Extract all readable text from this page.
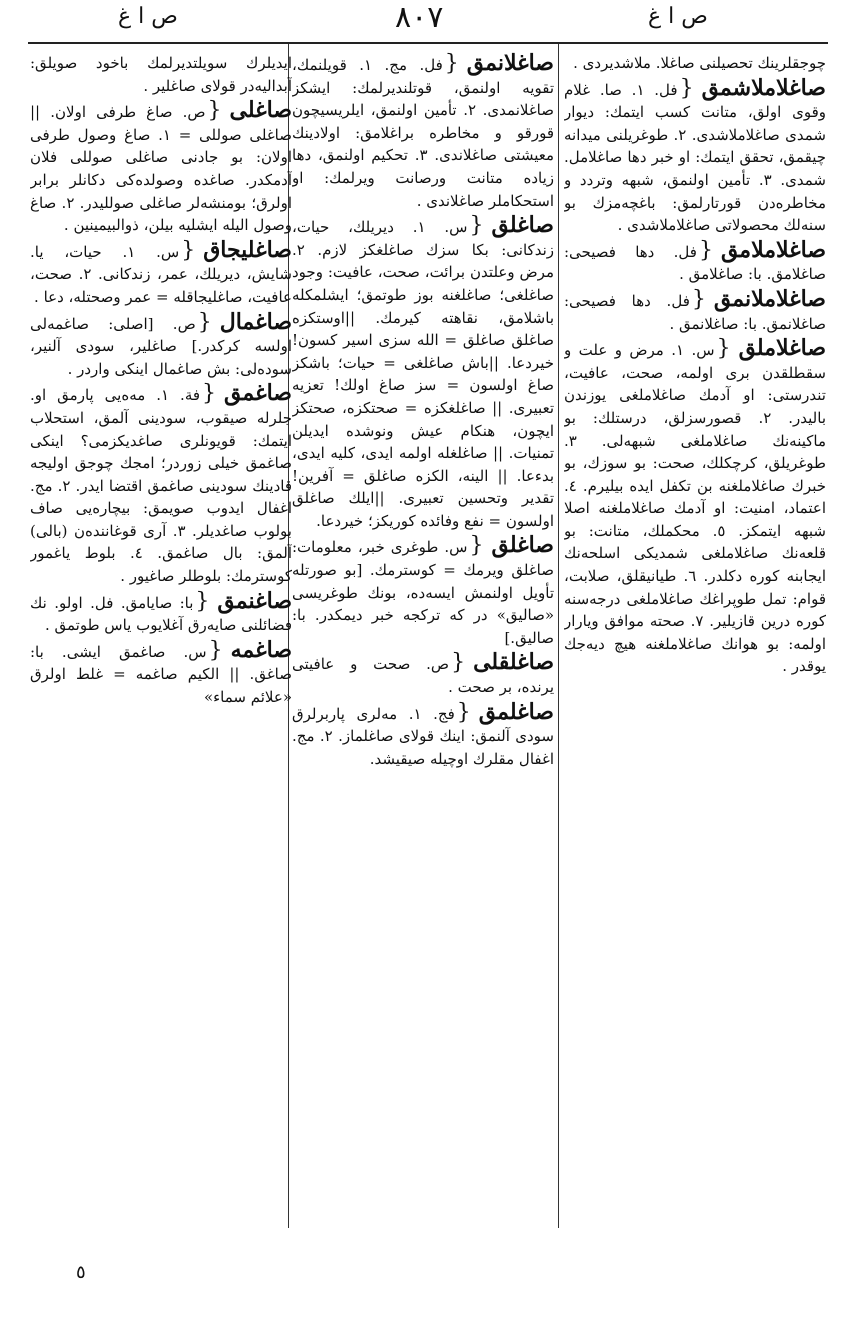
ص ا غ	٨٠٧	ص ا غ
چوجقلرينك تحصيلنى صاغلا. ملاشديردى .
صاغلاملاشمق{فل. ١. صا. غلام وقوى اولق، متانت كسب ايتمك: ديوار شمدى صاغلاملاشدى. ٢. طوغريلنى ميدانه چيقمق، تحقق ايتمك: او خبر دها صاغلامل. شمدى. ٣. تأمين اولنمق، شبهه وتردد و مخاطره‌دن قورتارلمق: باغچه‌مزك بو سنه‌لك محصولاتى صاغلاملاشدى .
صاغلاملامق{فل. دها فصيحى: صاغلامق. با: صاغلامق .
صاغلاملانمق{فل. دها فصيحى: صاغلانمق. با: صاغلانمق .
صاغلاملق{س. ١. مرض و علت و سقطلقدن برى اولمه، صحت، عافيت، تندرستى: او آدمك صاغلاملغى يوزندن باليدر. ٢. قصورسزلق، درستلك: بو ماكينه‌نك صاغلاملغى شبهه‌لى. ٣. طوغريلق، كرچكلك، صحت: بو سوزك، بو خبرك صاغلاملغنه بن تكفل ايده بيليرم. ٤. اعتماد، امنيت: او آدمك صاغلاملغنه اصلا شبهه ايتمكز. ٥. محكملك، متانت: بو قلعه‌نك صاغلاملغى شمديكى اسلحه‌نك ايجابنه كوره دكلدر. ٦. طيانيقلق، صلابت، قوام: تمل طوپراغك صاغلاملغى درجه‌سنه كوره درين قازيلير. ٧. صحته موافق ويارار اولمه: بو هوانك صاغلاملغنه هيچ ديه‌جك يوقدر .
صاغلانمق{فل. مج. ١. قويلنمك، تقويه اولنمق، قوتلنديرلمك: ايشكز صاغلانمدى. ٢. تأمين اولنمق، ايلريسيچون قورقو و مخاطره براغلامق: اولادينك معيشتى صاغلاندى. ٣. تحكيم اولنمق، دها زياده متانت ورصانت ويرلمك: او استحكاملر صاغلاندى .
صاغلق{س. ١. ديريلك، حيات، زندكانى: بكا سزك صاغلغكز لازم. ٢. مرض وعلتدن برائت، صحت، عافيت: وجود صاغلغى؛ صاغلغنه بوز طوتمق؛ ايشلمكله باشلامق، نقاهته كيرمك. ||اوستكزه صاغلق صاغلق = الله سزى اسير كسون! خيردعا. ||باش صاغلغى = حيات؛ باشكز صاغ اولسون = سز صاغ اولك! تعزيه تعبيرى. || صاغلغكزه = صحتكزه، صحتكز ايچون، هنكام عيش ونوشده ايديلن تمنيات. || صاغلغله اولمه ايدى، كليه ايدى، بدءعا. || الينه، الكزه صاغلق = آفرين! تقدير وتحسين تعبيرى. ||ايلك صاغلق اولسون = نفع وفائده كوريكز؛ خيردعا.
صاغلق{س. طوغرى خبر، معلومات: صاغلق ويرمك = كوسترمك. [بو صورتله تأويل اولنمش ايسه‌ده، بونك طوغريسى «صاليق» در كه تركجه خبر ديمكدر. با: صاليق.]
صاغلقلى{ص. صحت و عافيتى يرنده، بر صحت .
صاغلمق{فج. ١. مه‌لرى پاربرلرق سودى آلنمق: اينك قولاى صاغلماز. ٢. مج. اغفال مقلرك اوچيله صيقيشد.
ايديلرك سويلتديرلمك باخود صويلق: آبداليه‌در قولاى صاغلير .
صاغلى{ص. صاغ طرفى اولان. ||صاغلى صوللى = ١. صاغ وصول طرفى اولان: بو جادنى صاغلى صوللى فلان آدمكدر. صاغده وصولده‌كى دكانلر برابر اولرق؛ بومنشه‌لر صاغلى صولليدر. ٢. صاغ وصول اليله ايشليه بيلن، ذوالبيمينين .
صاغليجاق{س. ١. حيات، يا. شايش، ديريلك، عمر، زندكانى. ٢. صحت، عافيت، صاغليجاقله = عمر وصحتله، دعا .
صاغمال{ص. [اصلى: صاغمه‌لى اولسه كركدر.] صاغلير، سودى آلنير، سوده‌لى: بش صاغمال اينكى واردر .
صاغمق{فة. ١. مه‌ه‌يى پارمق او. جلرله صيقوب، سودينى آلمق، استحلاب ايتمك: قويونلرى صاغديكزمى؟ اينكى صاغمق خيلى زوردر؛ امجك چوجق اوليجه قادينك سودينى صاغمق اقتضا ايدر. ٢. مج. اغفال ايدوب صويمق: بيچاره‌يى صاف بولوب صاغديلر. ٣. آرى قوغاننده‌ن (بالى) آلمق: بال صاغمق. ٤. بلوط ياغمور كوسترمك: بلوطلر صاغيور .
صاغنمق{با: صايامق. فل. اولو. نك فضائلنى صايه‌رق آغلايوب ياس طوتمق .
صاغمه{س. صاغمق ايشى. با: صاغق. || الكيم صاغمه = غلط اولرق «علائم سماء»
٥
